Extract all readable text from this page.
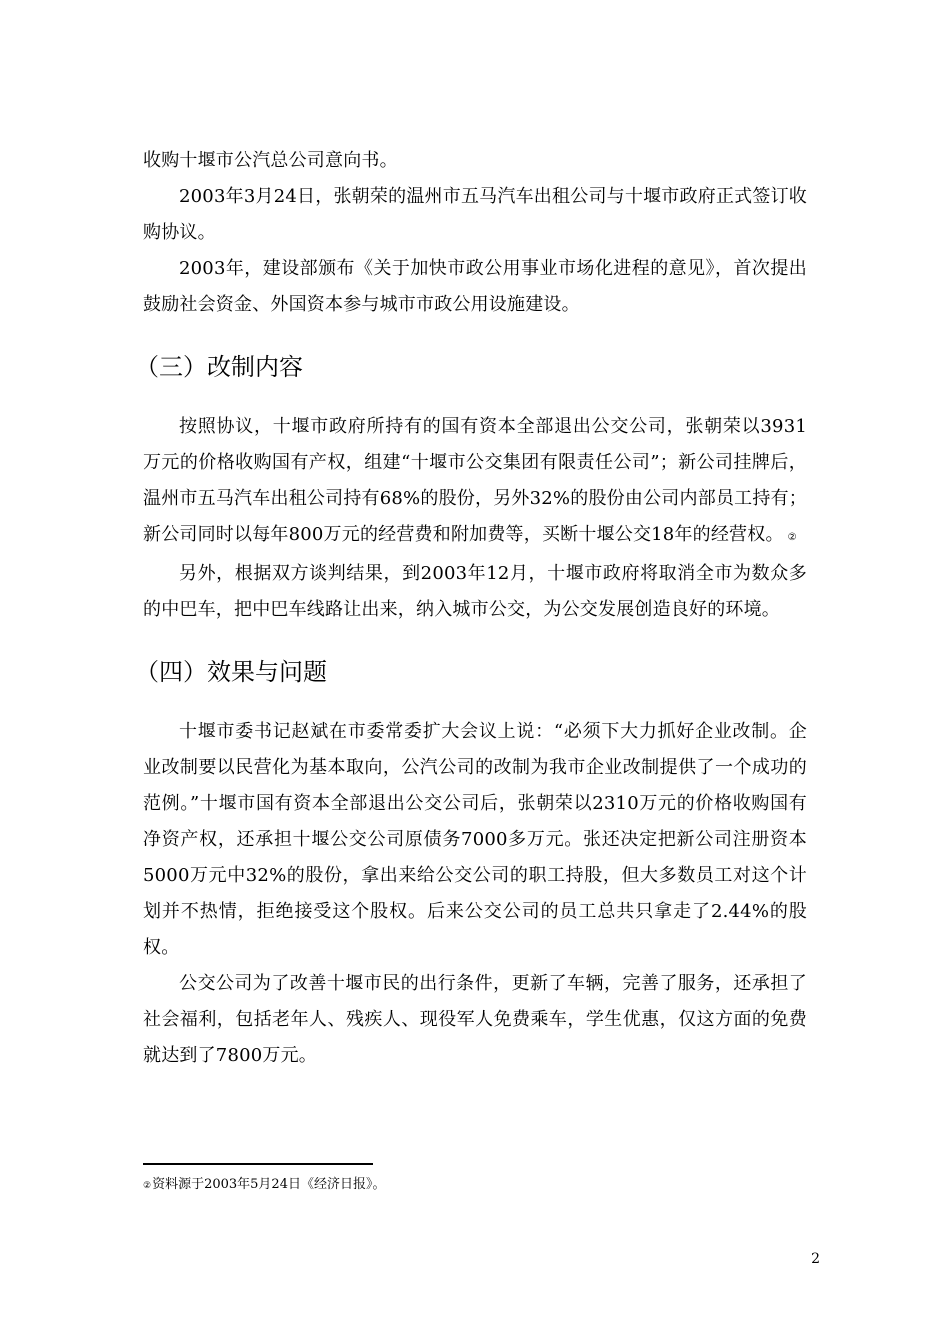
收购十堰市公汽总公司意向书。

2003年3月24日，张朝荣的温州市五马汽车出租公司与十堰市政府正式签订收购协议。

2003年，建设部颁布《关于加快市政公用事业市场化进程的意见》，首次提出鼓励社会资金、外国资本参与城市市政公用设施建设。

（三）改制内容

按照协议，十堰市政府所持有的国有资本全部退出公交公司，张朝荣以3931万元的价格收购国有产权，组建“十堰市公交集团有限责任公司”；新公司挂牌后，温州市五马汽车出租公司持有68%的股份，另外32%的股份由公司内部员工持有；新公司同时以每年800万元的经营费和附加费等，买断十堰公交18年的经营权。 ②

另外，根据双方谈判结果，到2003年12月，十堰市政府将取消全市为数众多的中巴车，把中巴车线路让出来，纳入城市公交，为公交发展创造良好的环境。

（四）效果与问题

十堰市委书记赵斌在市委常委扩大会议上说：“必须下大力抓好企业改制。企业改制要以民营化为基本取向，公汽公司的改制为我市企业改制提供了一个成功的范例。”十堰市国有资本全部退出公交公司后，张朝荣以2310万元的价格收购国有净资产权，还承担十堰公交公司原债务7000多万元。张还决定把新公司注册资本5000万元中32%的股份，拿出来给公交公司的职工持股，但大多数员工对这个计划并不热情，拒绝接受这个股权。后来公交公司的员工总共只拿走了2.44%的股权。

公交公司为了改善十堰市民的出行条件，更新了车辆，完善了服务，还承担了社会福利，包括老年人、残疾人、现役军人免费乘车，学生优惠，仅这方面的免费就达到了7800万元。

②资料源于2003年5月24日《经济日报》。

2
